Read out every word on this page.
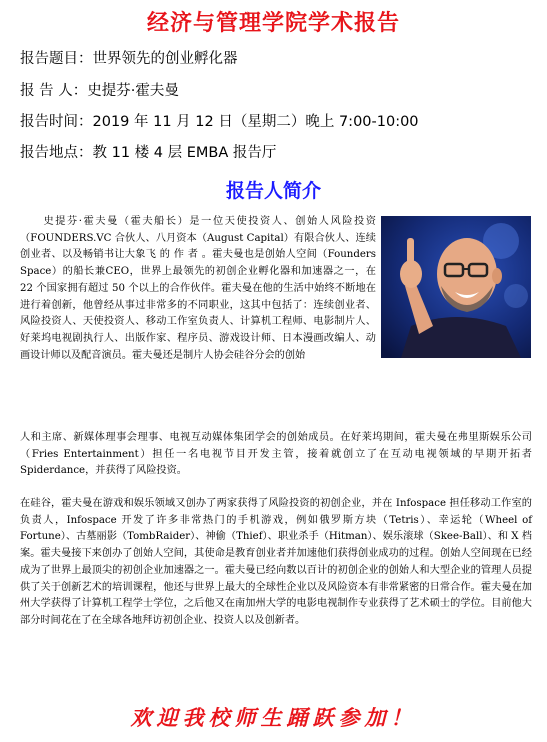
经济与管理学院学术报告
报告题目：世界领先的创业孵化器
报 告 人：史提芬·霍夫曼
报告时间：2019 年 11 月 12 日（星期二）晚上 7:00-10:00
报告地点：教 11 楼 4 层 EMBA 报告厅
报告人简介
　　史提芬·霍夫曼（霍夫船长）是一位天使投资人、创始人风险投资（FOUNDERS.VC 合伙人、八月资本（August Capital）有限合伙人、连续创业者、以及畅销书让大象飞 的 作 者 。霍夫曼也是创始人空间（Founders Space）的船长兼CEO，世界上最领先的初创企业孵化器和加速器之一，在 22 个国家拥有超过 50 个以上的合作伙伴。霍夫曼在他的生活中始终不断地在进行着创新，他曾经从事过非常多的不同职业，这其中包括了：连续创业者、风险投资人、天使投资人、移动工作室负责人、计算机工程师、电影制片人、好莱坞电视剧执行人、出版作家、程序员、游戏设计师、日本漫画改编人、动画设计师以及配音演员。霍夫曼还是制片人协会硅谷分会的创始
人和主席、新媒体理事会理事、电视互动媒体集团学会的创始成员。在好莱坞期间，霍夫曼在弗里斯娱乐公司（Fries Entertainment）担任一名电视节目开发主管，接着就创立了在互动电视领域的早期开拓者 Spiderdance，并获得了风险投资。
在硅谷，霍夫曼在游戏和娱乐领域又创办了两家获得了风险投资的初创企业，并在 Infospace 担任移动工作室的负责人，Infospace 开发了许多非常热门的手机游戏，例如俄罗斯方块（Tetris）、幸运轮（Wheel of Fortune）、古墓丽影（TombRaider）、神偷（Thief）、职业杀手（Hitman）、娱乐滚球（Skee-Ball）、和 X 档案。霍夫曼接下来创办了创始人空间，其使命是教育创业者并加速他们获得创业成功的过程。创始人空间现在已经成为了世界上最顶尖的初创企业加速器之一。霍夫曼已经向数以百计的初创企业的创始人和大型企业的管理人员提供了关于创新艺术的培训课程，他还与世界上最大的全球性企业以及风险资本有非常紧密的日常合作。霍夫曼在加州大学获得了计算机工程学士学位，之后他又在南加州大学的电影电视制作专业获得了艺术硕士的学位。目前他大部分时间花在了在全球各地拜访初创企业、投资人以及创新者。
欢迎我校师生踊跃参加！
